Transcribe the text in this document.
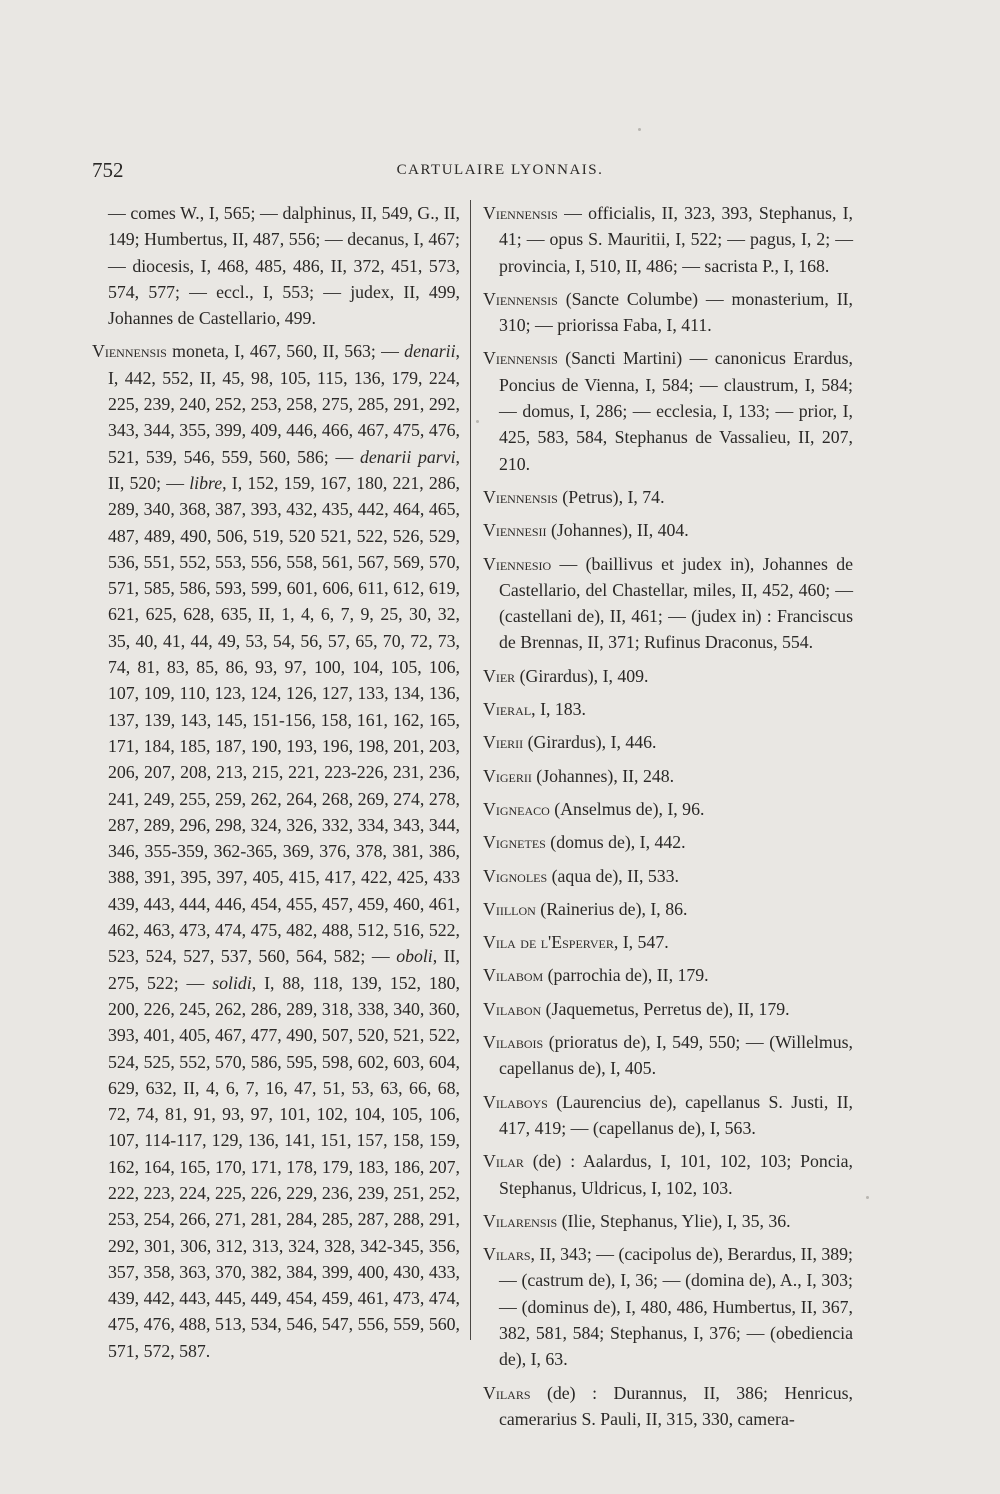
752	CARTULAIRE LYONNAIS.

— comes W., I, 565; — dalphinus, II, 549, G., II, 149; Humbertus, II, 487, 556; — decanus, I, 467; — diocesis, I, 468, 485, 486, II, 372, 451, 573, 574, 577; — eccl., I, 553; — judex, II, 499, Johannes de Castellario, 499.

Viennensis moneta, I, 467, 560, II, 563; — denarii, I, 442, 552, II, 45, 98, 105, 115, 136, 179, 224, 225, 239, 240, 252, 253, 258, 275, 285, 291, 292, 343, 344, 355, 399, 409, 446, 466, 467, 475, 476, 521, 539, 546, 559, 560, 586; — denarii parvi, II, 520; — libre, I, 152, 159, 167, 180, 221, 286, 289, 340, 368, 387, 393, 432, 435, 442, 464, 465, 487, 489, 490, 506, 519, 520 521, 522, 526, 529, 536, 551, 552, 553, 556, 558, 561, 567, 569, 570, 571, 585, 586, 593, 599, 601, 606, 611, 612, 619, 621, 625, 628, 635, II, 1, 4, 6, 7, 9, 25, 30, 32, 35, 40, 41, 44, 49, 53, 54, 56, 57, 65, 70, 72, 73, 74, 81, 83, 85, 86, 93, 97, 100, 104, 105, 106, 107, 109, 110, 123, 124, 126, 127, 133, 134, 136, 137, 139, 143, 145, 151-156, 158, 161, 162, 165, 171, 184, 185, 187, 190, 193, 196, 198, 201, 203, 206, 207, 208, 213, 215, 221, 223-226, 231, 236, 241, 249, 255, 259, 262, 264, 268, 269, 274, 278, 287, 289, 296, 298, 324, 326, 332, 334, 343, 344, 346, 355-359, 362-365, 369, 376, 378, 381, 386, 388, 391, 395, 397, 405, 415, 417, 422, 425, 433 439, 443, 444, 446, 454, 455, 457, 459, 460, 461, 462, 463, 473, 474, 475, 482, 488, 512, 516, 522, 523, 524, 527, 537, 560, 564, 582; — oboli, II, 275, 522; — solidi, I, 88, 118, 139, 152, 180, 200, 226, 245, 262, 286, 289, 318, 338, 340, 360, 393, 401, 405, 467, 477, 490, 507, 520, 521, 522, 524, 525, 552, 570, 586, 595, 598, 602, 603, 604, 629, 632, II, 4, 6, 7, 16, 47, 51, 53, 63, 66, 68, 72, 74, 81, 91, 93, 97, 101, 102, 104, 105, 106, 107, 114-117, 129, 136, 141, 151, 157, 158, 159, 162, 164, 165, 170, 171, 178, 179, 183, 186, 207, 222, 223, 224, 225, 226, 229, 236, 239, 251, 252, 253, 254, 266, 271, 281, 284, 285, 287, 288, 291, 292, 301, 306, 312, 313, 324, 328, 342-345, 356, 357, 358, 363, 370, 382, 384, 399, 400, 430, 433, 439, 442, 443, 445, 449, 454, 459, 461, 473, 474, 475, 476, 488, 513, 534, 546, 547, 556, 559, 560, 571, 572, 587.

Viennensis — officialis, II, 323, 393, Stephanus, I, 41; — opus S. Mauritii, I, 522; — pagus, I, 2; — provincia, I, 510, II, 486; — sacrista P., I, 168.

Viennensis (Sancte Columbe) — monasterium, II, 310; — priorissa Faba, I, 411.

Viennensis (Sancti Martini) — canonicus Erardus, Poncius de Vienna, I, 584; — claustrum, I, 584; — domus, I, 286; — ecclesia, I, 133; — prior, I, 425, 583, 584, Stephanus de Vassalieu, II, 207, 210.

Viennensis (Petrus), I, 74.

Viennesii (Johannes), II, 404.

Viennesio — (baillivus et judex in), Johannes de Castellario, del Chastellar, miles, II, 452, 460; — (castellani de), II, 461; — (judex in) : Franciscus de Brennas, II, 371; Rufinus Draconus, 554.

Vier (Girardus), I, 409.

Vieral, I, 183.

Vierii (Girardus), I, 446.

Vigerii (Johannes), II, 248.

Vigneaco (Anselmus de), I, 96.

Vignetes (domus de), I, 442.

Vignoles (aqua de), II, 533.

Viillon (Rainerius de), I, 86.

Vila de l'Esperver, I, 547.

Vilabom (parrochia de), II, 179.

Vilabon (Jaquemetus, Perretus de), II, 179.

Vilabois (prioratus de), I, 549, 550; — (Willelmus, capellanus de), I, 405.

Vilaboys (Laurencius de), capellanus S. Justi, II, 417, 419; — (capellanus de), I, 563.

Vilar (de) : Aalardus, I, 101, 102, 103; Poncia, Stephanus, Uldricus, I, 102, 103.

Vilarensis (Ilie, Stephanus, Ylie), I, 35, 36.

Vilars, II, 343; — (cacipolus de), Berardus, II, 389; — (castrum de), I, 36; — (domina de), A., I, 303; — (dominus de), I, 480, 486, Humbertus, II, 367, 382, 581, 584; Stephanus, I, 376; — (obediencia de), I, 63.

Vilars (de) : Durannus, II, 386; Henricus, camerarius S. Pauli, II, 315, 330, camera-
